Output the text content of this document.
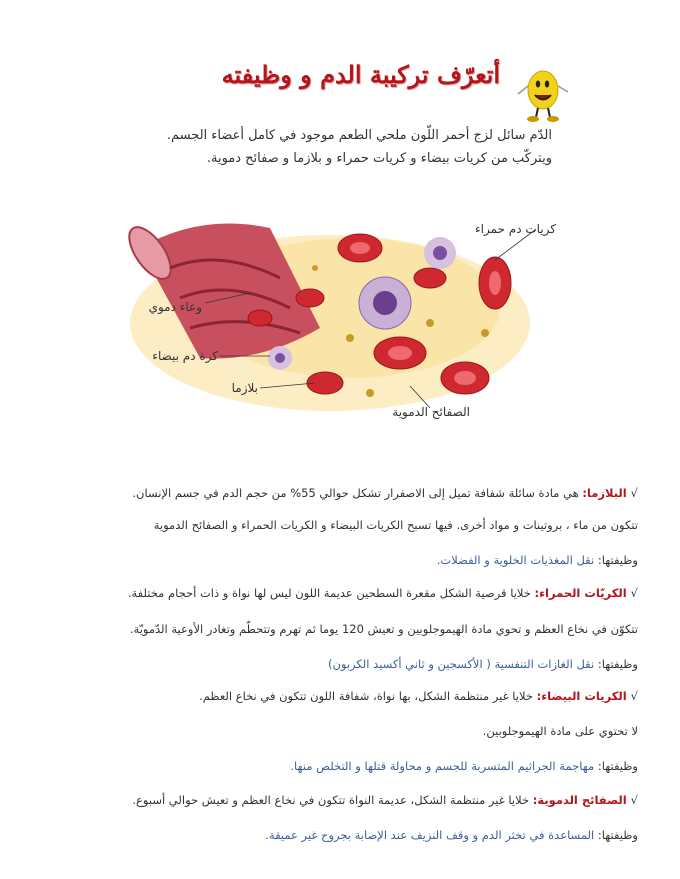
أتعرّف تركيبة الدم و وظيفته

الدّم سائل لزج أحمر اللّون ملحي الطعم موجود في كامل أعضاء الجسم.

ويتركّب من كريات بيضاء و كريات حمراء و بلازما و صفائح دموية.

كريات دم حمراء
وعاء دموي
كرة دم بيضاء
بلازما
الصفائح الدموية
√البلازما: هي مادة سائلة شفافة تميل إلى الاصفرار تشكل حوالي 55% من حجم الدم في جسم الإنسان.
تتكون من ماء ، بروتينات و مواد أخرى. فيها تسبح الكريات البيضاء و الكريات الحمراء و الصفائح الدموية
وظيفتها: نقل المغذيات الخلوية و الفضلات.
√الكريّات الحمراء: خلايا قرصية الشكل مقعرة السطحين عديمة اللون ليس لها نواة و ذات أحجام مختلفة.
تتكوّن في نخاع العظم و تحوي مادة الهيموجلوبين و تعيش 120 يوما ثم تهرم وتتحطّم وتغادر الأوعية الدّمويّة.
وظيفتها: نقل الغازات التنفسية ( الأكسجين و ثاني أكسيد الكربون)
√الكريات البيضاء: خلايا غير منتظمة الشكل، بها نواة، شفافة اللون تتكون في نخاع العظم.
لا تحتوي على مادة الهيموجلوبين.
وظيفتها: مهاجمة الجراثيم المتسربة للجسم و محاولة قتلها و التخلص منها.
√الصفائح الدموية: خلايا غير منتظمة الشكل، عديمة النواة تتكون في نخاع العظم و تعيش حوالي أسبوع.
وظيفتها: المساعدة في تخثر الدم و وقف النزيف عند الإصابة بجروح غير عميقة.
